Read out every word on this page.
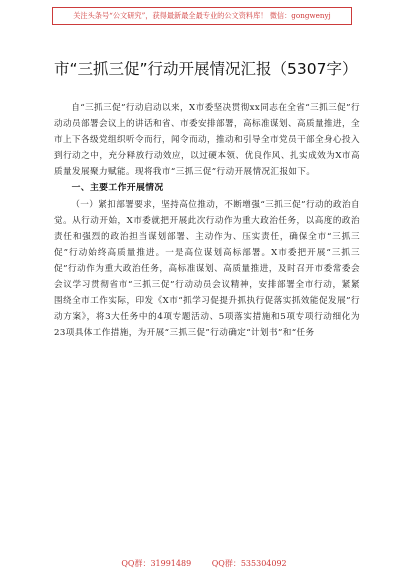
关注头条号“公文研究”，获得最新最全最专业的公文资料库！ 微信：gongwenyj
市“三抓三促”行动开展情况汇报（5307字）

自“三抓三促”行动启动以来，X市委坚决贯彻xx同志在全省“三抓三促”行动动员部署会议上的讲话和省、市委安排部署，高标准谋划、高质量推进，全市上下各级党组织听令而行，闻令而动，推动和引导全市党员干部全身心投入到行动之中，充分释放行动效应，以过硬本领、优良作风、扎实成效为X市高质量发展聚力赋能。现将我市“三抓三促”行动开展情况汇报如下。

一、主要工作开展情况

（一）紧扣部署要求，坚持高位推动，不断增强“三抓三促”行动的政治自觉。从行动开始，X市委就把开展此次行动作为重大政治任务，以高度的政治责任和强烈的政治担当谋划部署、主动作为、压实责任，确保全市“三抓三促”行动始终高质量推进。一是高位谋划高标部署。X市委把开展“三抓三促”行动作为重大政治任务，高标准谋划、高质量推进，及时召开市委常委会会议学习贯彻省市“三抓三促”行动动员会议精神，安排部署全市行动，紧紧围绕全市工作实际，印发《X市“抓学习促提升抓执行促落实抓效能促发展”行动方案》，将3大任务中的4项专题活动、5项落实措施和5项专项行动细化为23项具体工作措施，为开展“三抓三促”行动确定“计划书”和“任务

QQ群：31991489	QQ群：535304092
